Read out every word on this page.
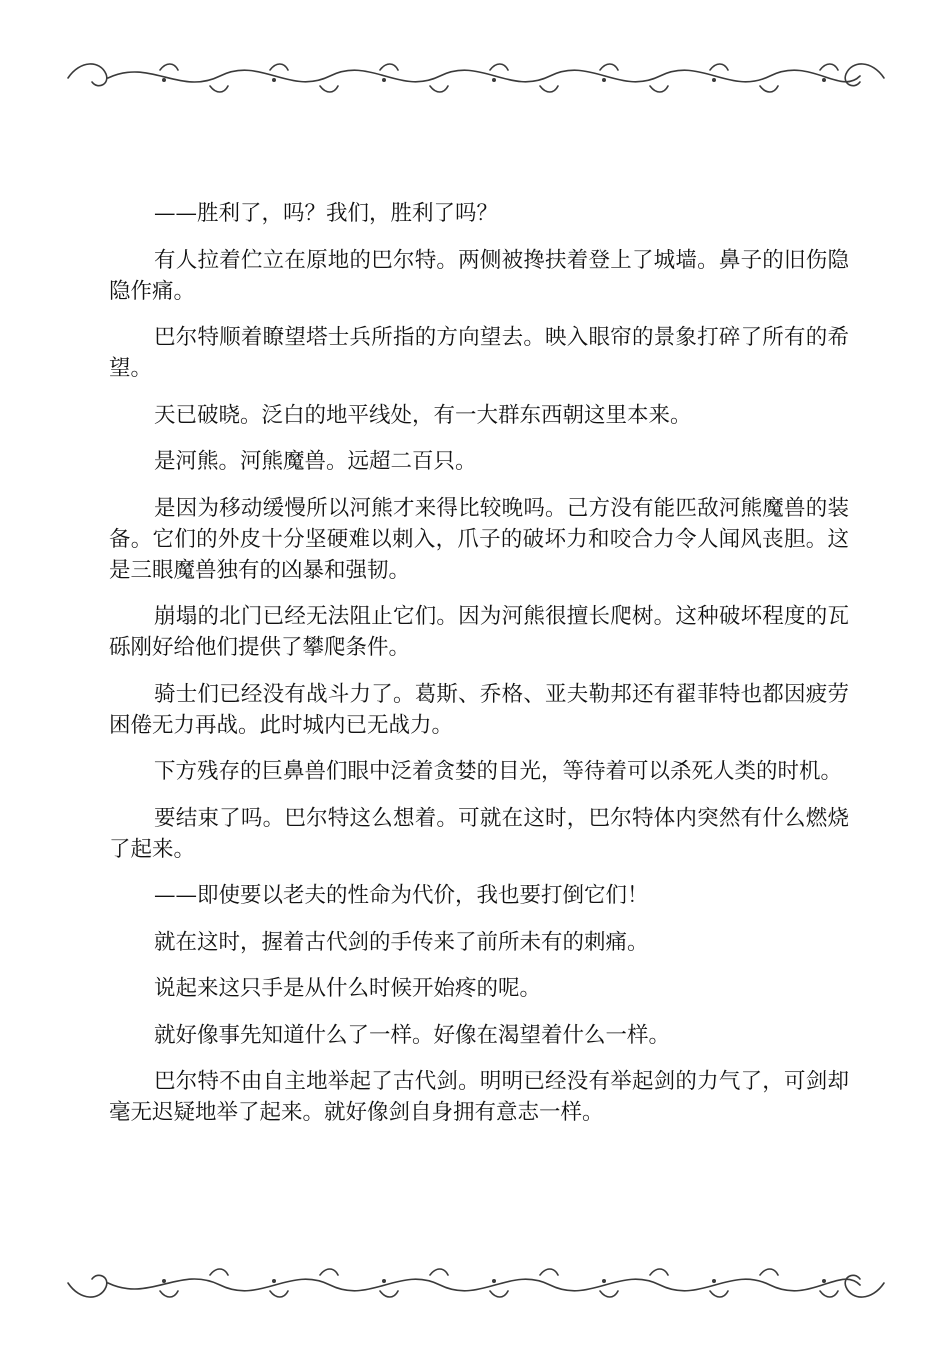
——胜利了，吗？我们，胜利了吗？

有人拉着伫立在原地的巴尔特。两侧被搀扶着登上了城墙。鼻子的旧伤隐隐作痛。

巴尔特顺着瞭望塔士兵所指的方向望去。映入眼帘的景象打碎了所有的希望。

天已破晓。泛白的地平线处，有一大群东西朝这里本来。

是河熊。河熊魔兽。远超二百只。

是因为移动缓慢所以河熊才来得比较晚吗。己方没有能匹敌河熊魔兽的装备。它们的外皮十分坚硬难以刺入，爪子的破坏力和咬合力令人闻风丧胆。这是三眼魔兽独有的凶暴和强韧。

崩塌的北门已经无法阻止它们。因为河熊很擅长爬树。这种破坏程度的瓦砾刚好给他们提供了攀爬条件。

骑士们已经没有战斗力了。葛斯、乔格、亚夫勒邦还有翟菲特也都因疲劳困倦无力再战。此时城内已无战力。

下方残存的巨鼻兽们眼中泛着贪婪的目光，等待着可以杀死人类的时机。

要结束了吗。巴尔特这么想着。可就在这时，巴尔特体内突然有什么燃烧了起来。

——即使要以老夫的性命为代价，我也要打倒它们！

就在这时，握着古代剑的手传来了前所未有的刺痛。

说起来这只手是从什么时候开始疼的呢。

就好像事先知道什么了一样。好像在渴望着什么一样。

巴尔特不由自主地举起了古代剑。明明已经没有举起剑的力气了，可剑却毫无迟疑地举了起来。就好像剑自身拥有意志一样。
